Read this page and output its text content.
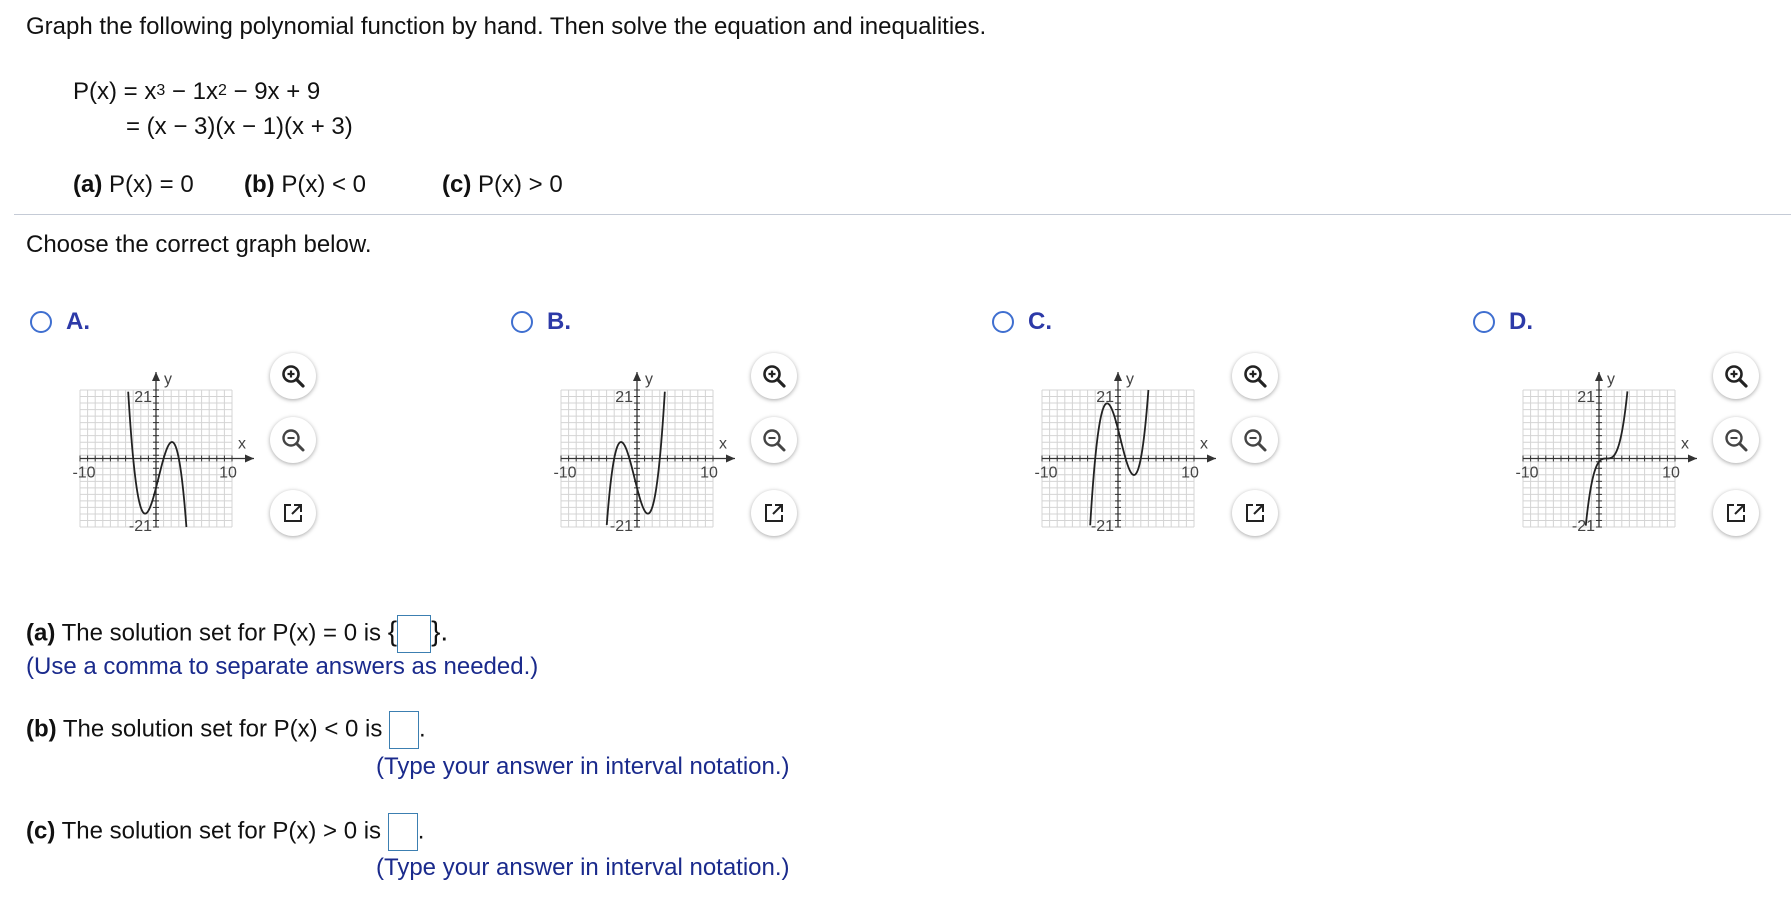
Graph the following polynomial function by hand. Then solve the equation and inequalities.
$P(x) = x^3 - 1x^2 - 9x + 9$
= (x − 3)(x − 1)(x + 3)
(a) P(x) = 0 (b) P(x) < 0	(c) P(x) > 0
Choose the correct graph below.
A.
y
x
21
-21
-10	10
B.
y
x
21
-21
-10	10
C.
y
x
21
-21
-10	10
D.
y
x
21
-21
-10	10
(a) The solution set for P(x) = 0 is { }.
(Use a comma to separate answers as needed.)
(b) The solution set for P(x) < 0 is .
(Type your answer in interval notation.)
(c) The solution set for P(x) > 0 is .
(Type your answer in interval notation.)
